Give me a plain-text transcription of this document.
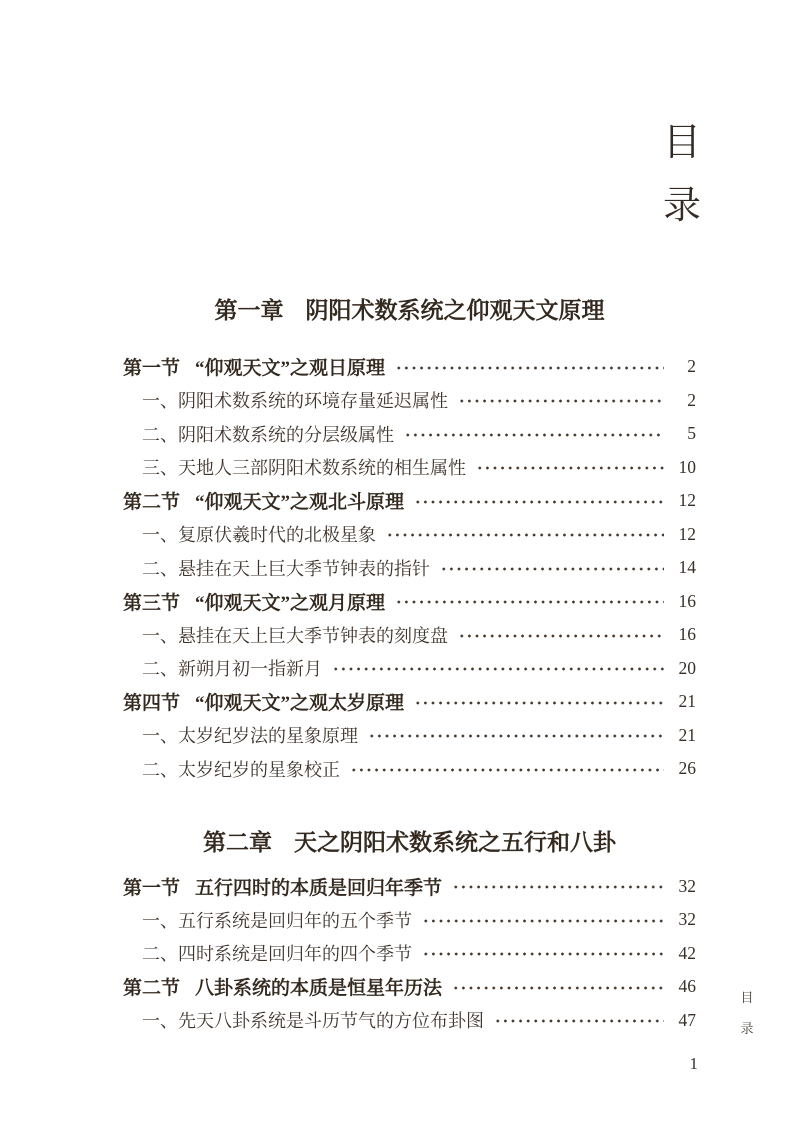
目
录
第一章 阴阳术数系统之仰观天文原理
第一节 “仰观天文”之观日原理	2
一、阴阳术数系统的环境存量延迟属性	2
二、阴阳术数系统的分层级属性	5
三、天地人三部阴阳术数系统的相生属性	10
第二节 “仰观天文”之观北斗原理	12
一、复原伏羲时代的北极星象	12
二、悬挂在天上巨大季节钟表的指针	14
第三节 “仰观天文”之观月原理	16
一、悬挂在天上巨大季节钟表的刻度盘	16
二、新朔月初一指新月	20
第四节 “仰观天文”之观太岁原理	21
一、太岁纪岁法的星象原理	21
二、太岁纪岁的星象校正	26
第二章 天之阴阳术数系统之五行和八卦
第一节 五行四时的本质是回归年季节	32
一、五行系统是回归年的五个季节	32
二、四时系统是回归年的四个季节	42
第二节 八卦系统的本质是恒星年历法	46
一、先天八卦系统是斗历节气的方位布卦图	47
目
录
1
